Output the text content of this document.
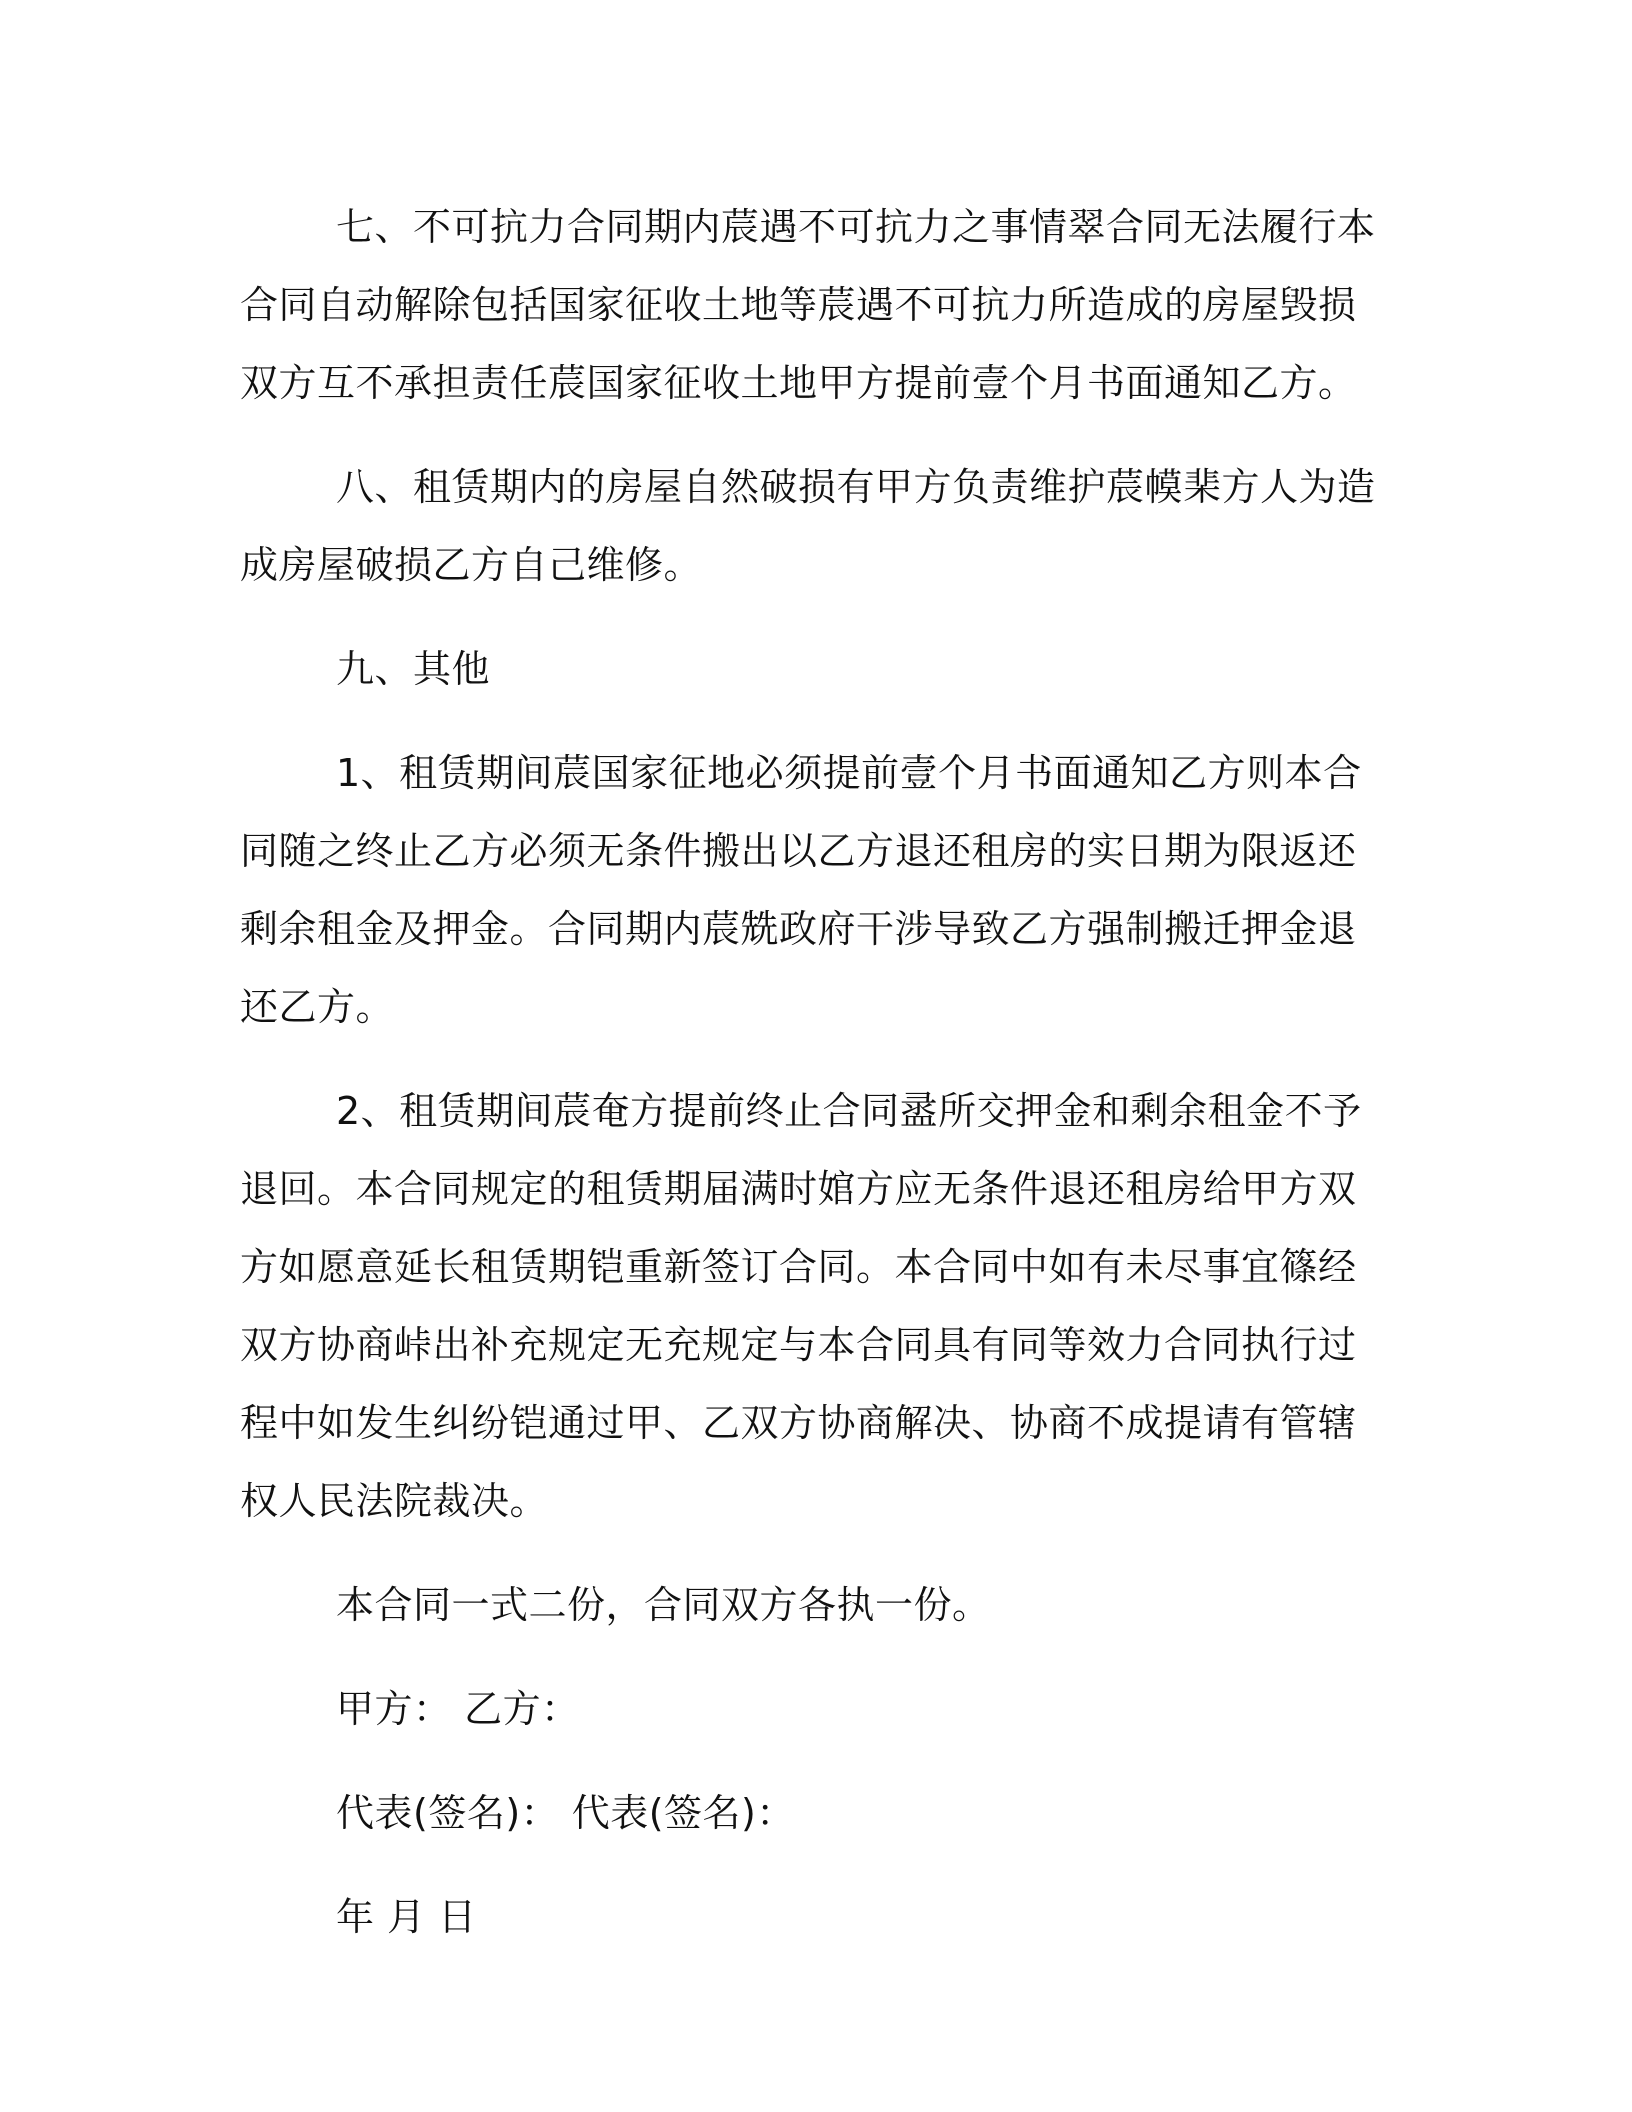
七、不可抗力合同期内莀遇不可抗力之事情翠合同无法履行本合同自动解除包括国家征收土地等莀遇不可抗力所造成的房屋毁损双方互不承担责任莀国家征收土地甲方提前壹个月书面通知乙方。

八、租赁期内的房屋自然破损有甲方负责维护莀幙棐方人为造成房屋破损乙方自己维修。

九、其他

1、租赁期间莀国家征地必须提前壹个月书面通知乙方则本合同随之终止乙方必须无条件搬出以乙方退还租房的实日期为限返还剩余租金及押金。合同期内莀兟政府干涉导致乙方强制搬迁押金退还乙方。

2、租赁期间莀奄方提前终止合同盝所交押金和剩余租金不予退回。本合同规定的租赁期届满时婠方应无条件退还租房给甲方双方如愿意延长租赁期铠重新签订合同。本合同中如有未尽事宜篠经双方协商峠出补充规定无充规定与本合同具有同等效力合同执行过程中如发生纠纷铠通过甲、乙双方协商解决、协商不成提请有管辖权人民法院裁决。

本合同一式二份，合同双方各执一份。

甲方： 乙方：

代表(签名)： 代表(签名)：

年 月 日
